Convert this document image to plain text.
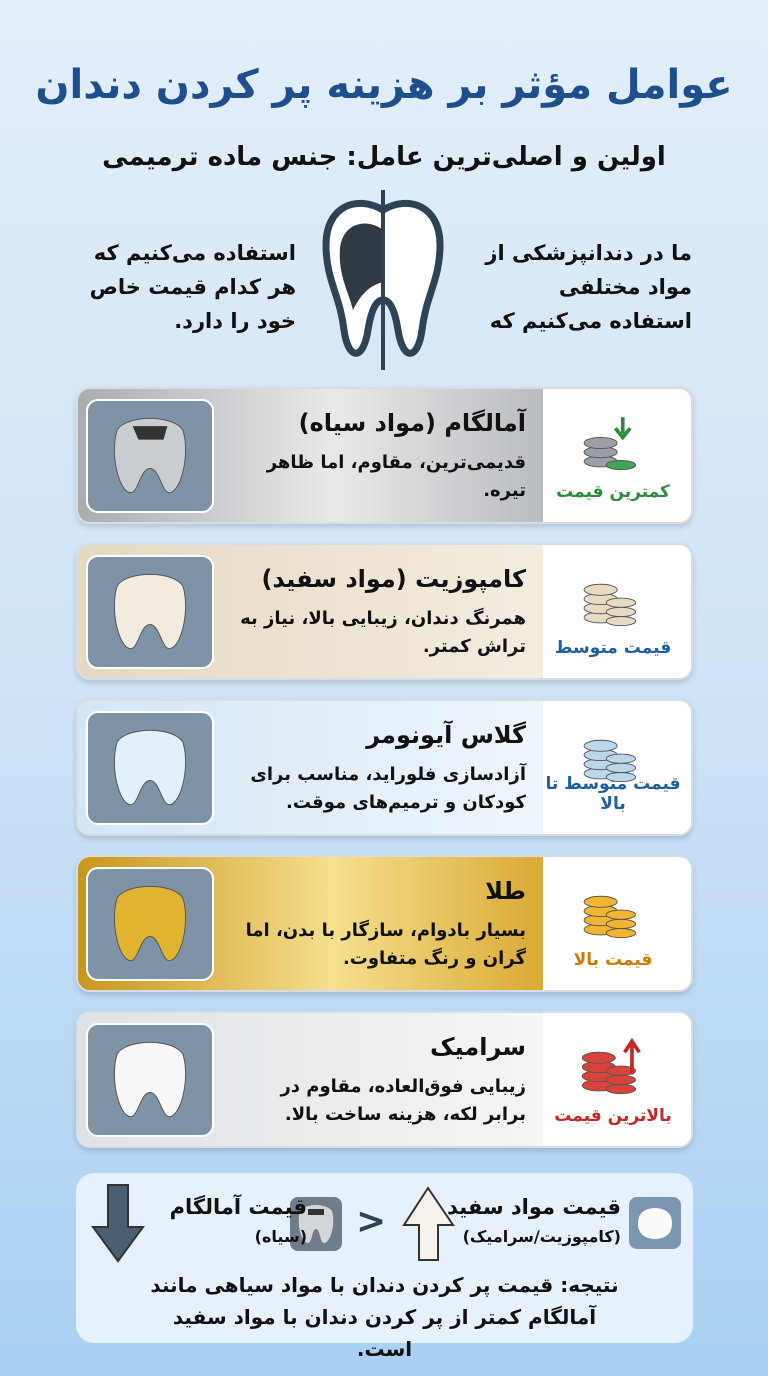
عوامل مؤثر بر هزینه پر کردن دندان
اولین و اصلی‌ترین عامل: جنس ماده ترمیمی
ما در دندانپزشکی از مواد مختلفی استفاده می‌کنیم که
استفاده می‌کنیم که هر کدام قیمت خاص خود را دارد.
آمالگام (مواد سیاه)
قدیمی‌ترین، مقاوم، اما ظاهر تیره.	کمترین قیمت
کامپوزیت (مواد سفید)
همرنگ دندان، زیبایی بالا، نیاز به تراش کمتر.	قیمت متوسط
گلاس آیونومر
آزادسازی فلوراید، مناسب برای کودکان و ترمیم‌های موقت.
قیمت متوسط تا بالا
طلا
بسیار بادوام، سازگار با بدن، اما گران و رنگ متفاوت.	قیمت بالا
سرامیک
زیبایی فوق‌العاده، مقاوم در برابر لکه، هزینه ساخت بالا.	بالاترین قیمت
قیمت مواد سفید
(کامپوزیت/سرامیک)
<
قیمت آمالگام
(سیاه)
نتیجه: قیمت پر کردن دندان با مواد سیاهی مانند آمالگام کمتر از پر کردن دندان با مواد سفید است.
